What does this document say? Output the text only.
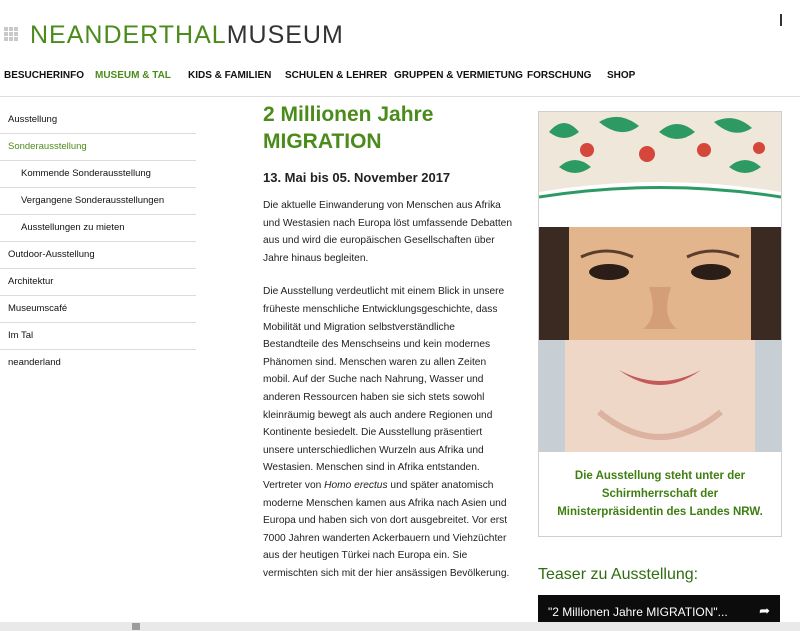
NEANDERTHALMUSEUM
BESUCHERINFO MUSEUM & TAL KIDS & FAMILIEN SCHULEN & LEHRER GRUPPEN & VERMIETUNG FORSCHUNG SHOP
Ausstellung
Sonderausstellung
Kommende Sonderausstellung
Vergangene Sonderausstellungen
Ausstellungen zu mieten
Outdoor-Ausstellung
Architektur
Museumscafé
Im Tal
neanderland
2 Millionen Jahre
MIGRATION
13. Mai bis 05. November 2017

Die aktuelle Einwanderung von Menschen aus Afrika und Westasien nach Europa löst umfassende Debatten aus und wird die europäischen Gesellschaften über Jahre hinaus begleiten.

Die Ausstellung verdeutlicht mit einem Blick in unsere früheste menschliche Entwicklungsgeschichte, dass Mobilität und Migration selbstverständliche Bestandteile des Menschseins und kein modernes Phänomen sind. Menschen waren zu allen Zeiten mobil. Auf der Suche nach Nahrung, Wasser und anderen Ressourcen haben sie sich stets sowohl kleinräumig bewegt als auch andere Regionen und Kontinente besiedelt. Die Ausstellung präsentiert unsere unterschiedlichen Wurzeln aus Afrika und Westasien. Menschen sind in Afrika entstanden. Vertreter von Homo erectus und später anatomisch moderne Menschen kamen aus Afrika nach Asien und Europa und haben sich von dort ausgebreitet. Vor erst 7000 Jahren wanderten Ackerbauern und Viehzüchter aus der heutigen Türkei nach Europa ein. Sie vermischten sich mit der hier ansässigen Bevölkerung.

Die Ausstellung steht unter der Schirmherrschaft der Ministerpräsidentin des Landes NRW.
Teaser zu Ausstellung:
"2 Millionen Jahre MIGRATION"... ➦
